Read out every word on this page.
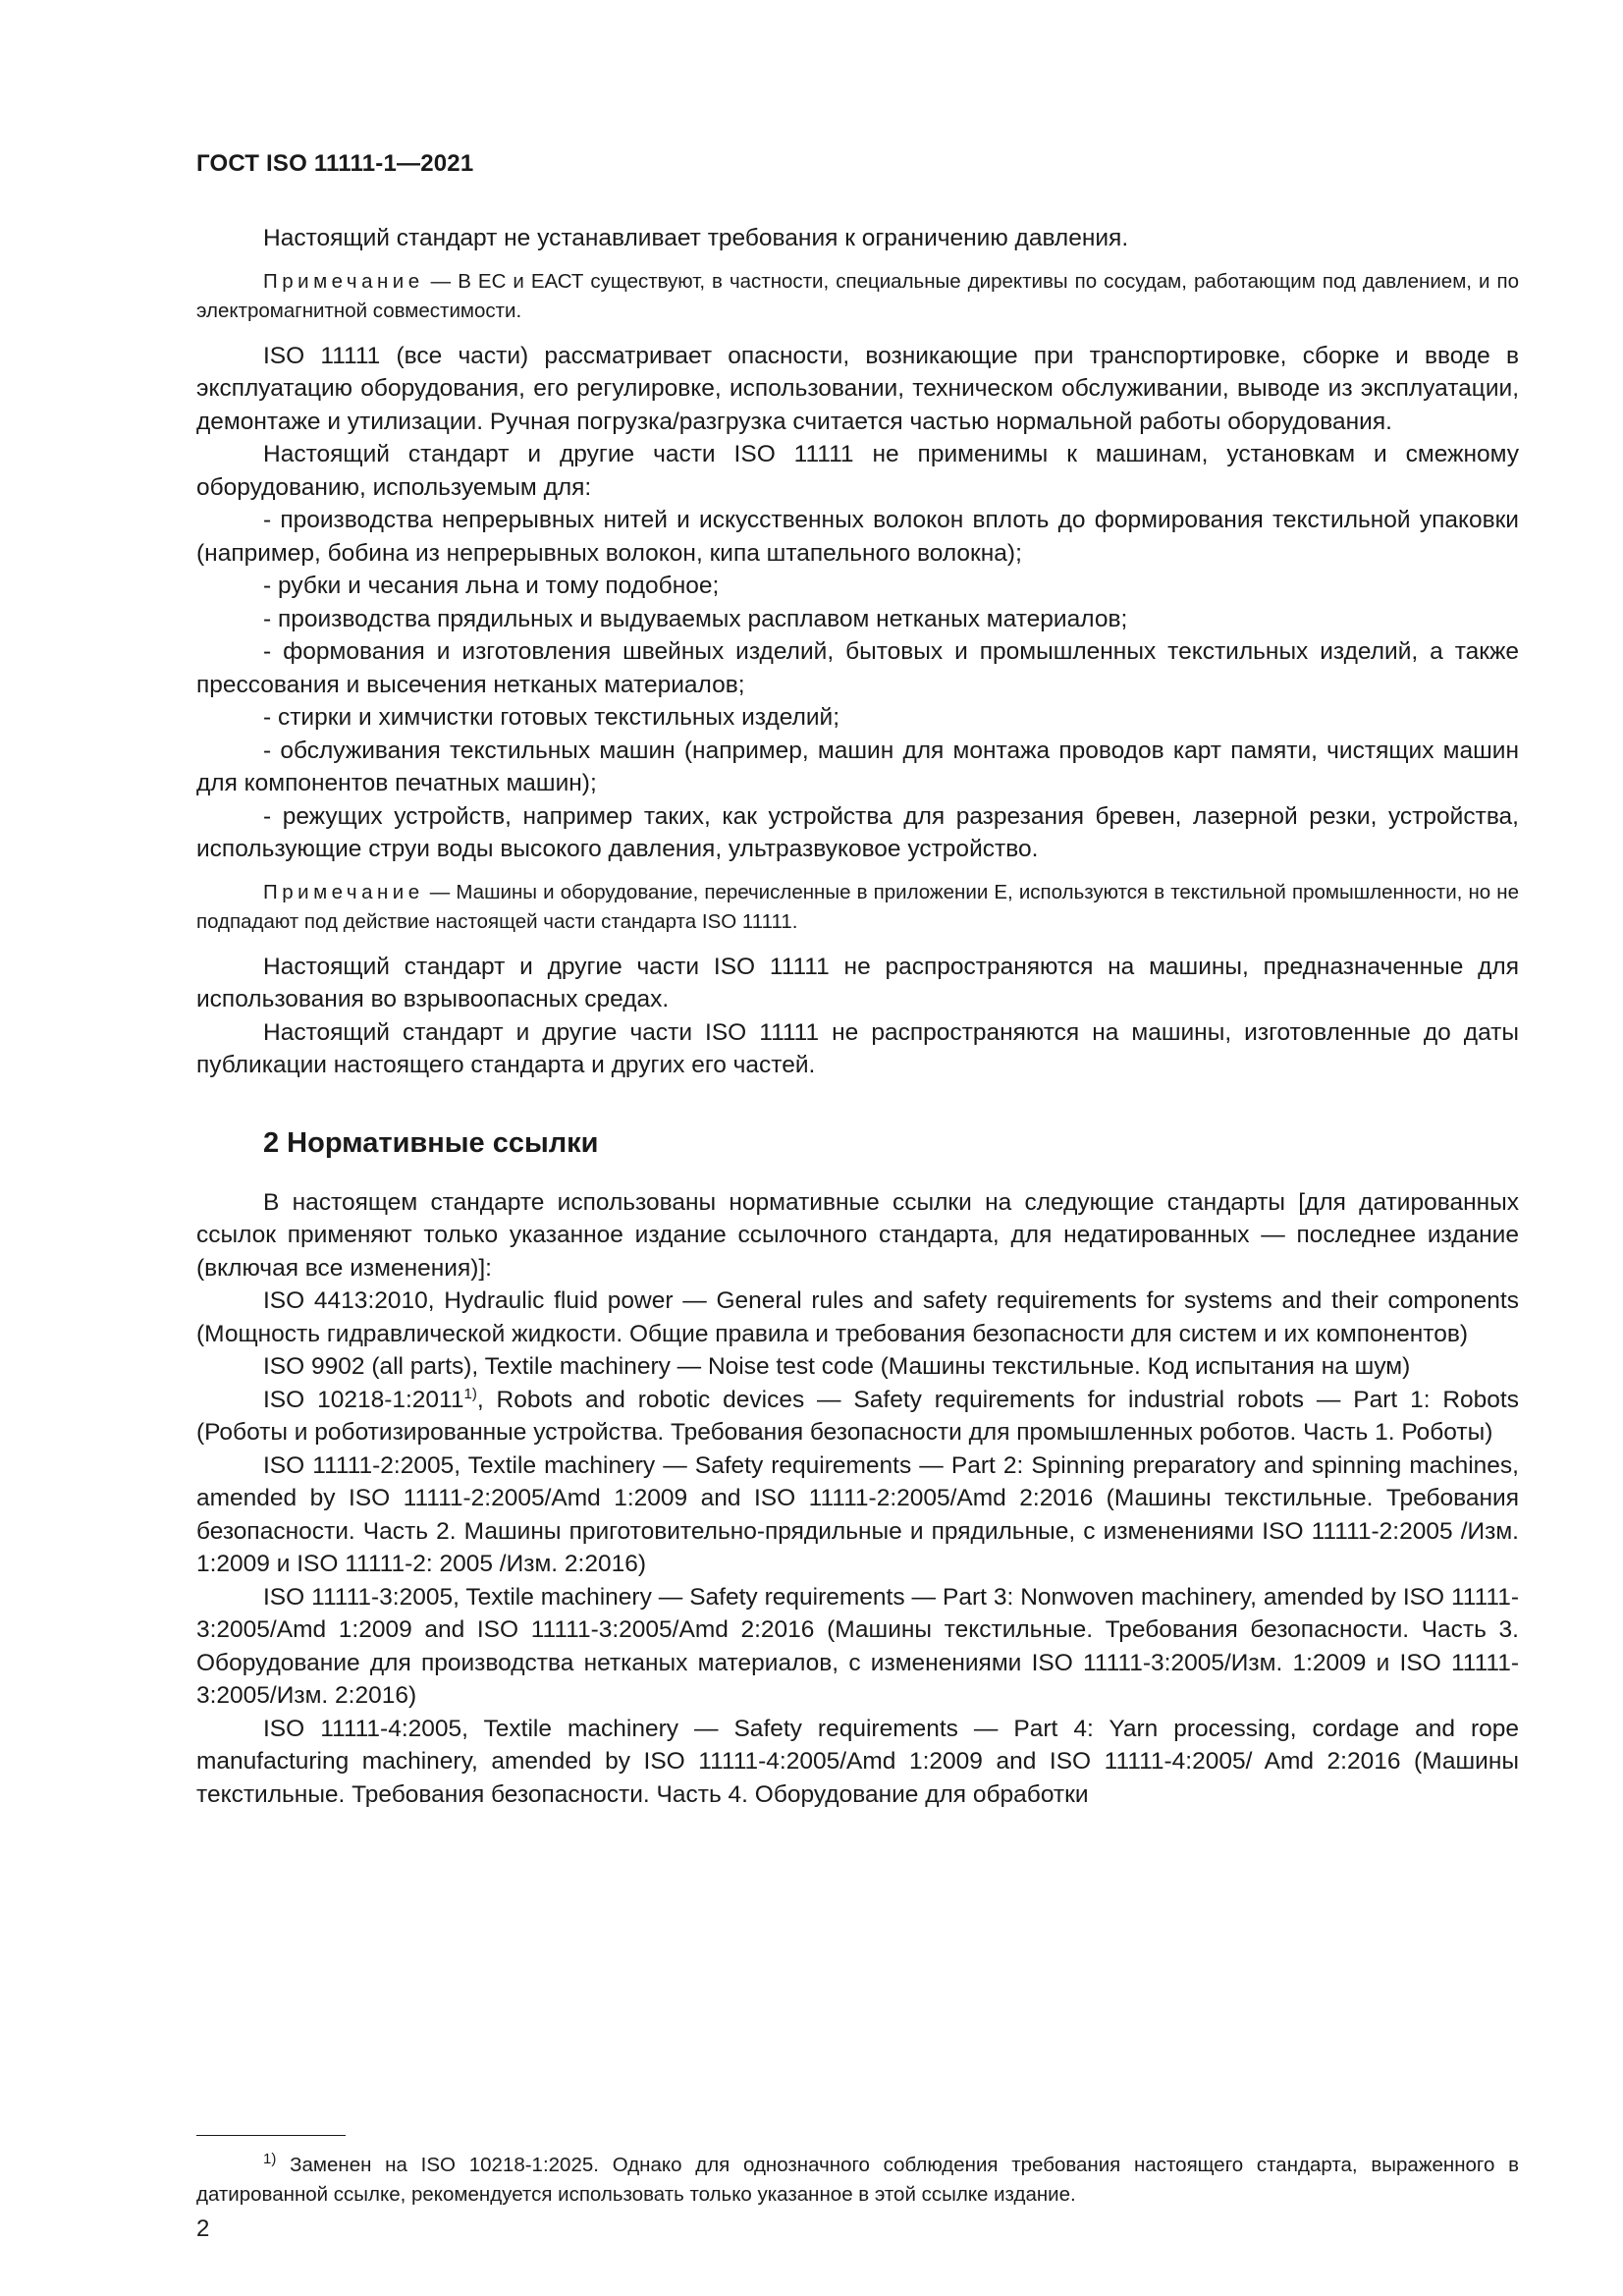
ГОСТ ISO 11111-1—2021

Настоящий стандарт не устанавливает требования к ограничению давления.

Примечание — В ЕС и ЕАСТ существуют, в частности, специальные директивы по сосудам, работающим под давлением, и по электромагнитной совместимости.

ISO 11111 (все части) рассматривает опасности, возникающие при транспортировке, сборке и вводе в эксплуатацию оборудования, его регулировке, использовании, техническом обслуживании, выводе из эксплуатации, демонтаже и утилизации. Ручная погрузка/разгрузка считается частью нормальной работы оборудования.

Настоящий стандарт и другие части ISO 11111 не применимы к машинам, установкам и смежному оборудованию, используемым для:

- производства непрерывных нитей и искусственных волокон вплоть до формирования текстильной упаковки (например, бобина из непрерывных волокон, кипа штапельного волокна);

- рубки и чесания льна и тому подобное;

- производства прядильных и выдуваемых расплавом нетканых материалов;

- формования и изготовления швейных изделий, бытовых и промышленных текстильных изделий, а также прессования и высечения нетканых материалов;

- стирки и химчистки готовых текстильных изделий;

- обслуживания текстильных машин (например, машин для монтажа проводов карт памяти, чистящих машин для компонентов печатных машин);

- режущих устройств, например таких, как устройства для разрезания бревен, лазерной резки, устройства, использующие струи воды высокого давления, ультразвуковое устройство.

Примечание — Машины и оборудование, перечисленные в приложении Е, используются в текстильной промышленности, но не подпадают под действие настоящей части стандарта ISO 11111.

Настоящий стандарт и другие части ISO 11111 не распространяются на машины, предназначенные для использования во взрывоопасных средах.

Настоящий стандарт и другие части ISO 11111 не распространяются на машины, изготовленные до даты публикации настоящего стандарта и других его частей.

2 Нормативные ссылки

В настоящем стандарте использованы нормативные ссылки на следующие стандарты [для датированных ссылок применяют только указанное издание ссылочного стандарта, для недатированных — последнее издание (включая все изменения)]:

ISO 4413:2010, Hydraulic fluid power — General rules and safety requirements for systems and their components (Мощность гидравлической жидкости. Общие правила и требования безопасности для систем и их компонентов)

ISO 9902 (all parts), Textile machinery — Noise test code (Машины текстильные. Код испытания на шум)

ISO 10218-1:2011$^{1)}$, Robots and robotic devices — Safety requirements for industrial robots — Part 1: Robots (Роботы и роботизированные устройства. Требования безопасности для промышленных роботов. Часть 1. Роботы)

ISO 11111-2:2005, Textile machinery — Safety requirements — Part 2: Spinning preparatory and spinning machines, amended by ISO 11111-2:2005/Amd 1:2009 and ISO 11111-2:2005/Amd 2:2016 (Машины текстильные. Требования безопасности. Часть 2. Машины приготовительно-прядильные и прядильные, с изменениями ISO 11111-2:2005 /Изм. 1:2009 и ISO 11111-2: 2005 /Изм. 2:2016)

ISO 11111-3:2005, Textile machinery — Safety requirements — Part 3: Nonwoven machinery, amended by ISO 11111-3:2005/Amd 1:2009 and ISO 11111-3:2005/Amd 2:2016 (Машины текстильные. Требования безопасности. Часть 3. Оборудование для производства нетканых материалов, с изменениями ISO 11111-3:2005/Изм. 1:2009 и ISO 11111-3:2005/Изм. 2:2016)

ISO 11111-4:2005, Textile machinery — Safety requirements — Part 4: Yarn processing, cordage and rope manufacturing machinery, amended by ISO 11111-4:2005/Amd 1:2009 and ISO 11111-4:2005/ Amd 2:2016 (Машины текстильные. Требования безопасности. Часть 4. Оборудование для обработки

$^{1)}$ Заменен на ISO 10218-1:2025. Однако для однозначного соблюдения требования настоящего стандарта, выраженного в датированной ссылке, рекомендуется использовать только указанное в этой ссылке издание.

2
